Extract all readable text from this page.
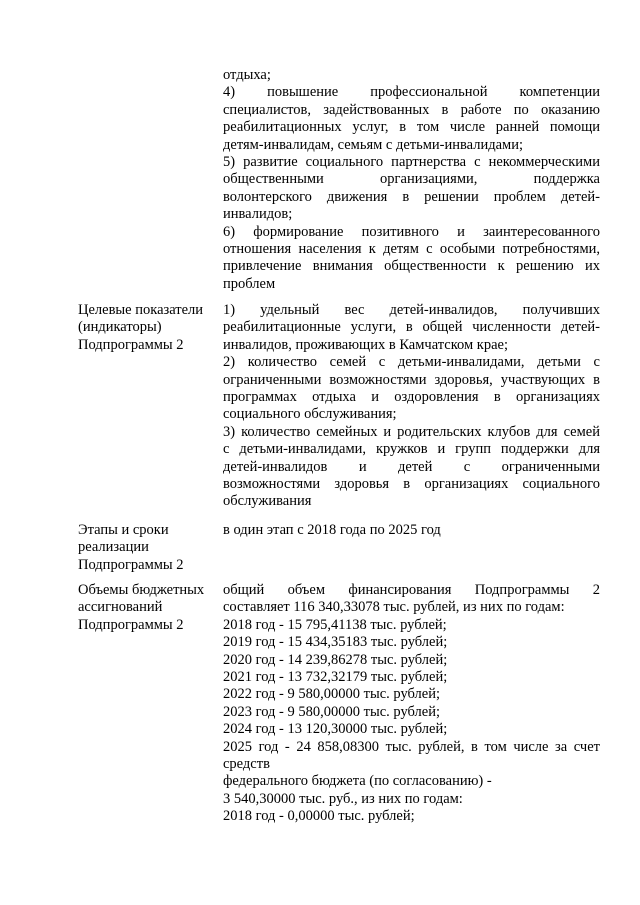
отдыха;
4) повышение профессиональной компетенции
специалистов, задействованных в работе по оказанию
реабилитационных услуг, в том числе ранней помощи
детям-инвалидам, семьям с детьми-инвалидами;
5) развитие социального партнерства с некоммерческими
общественными организациями, поддержка
волонтерского движения в решении проблем детей-
инвалидов;
6) формирование позитивного и заинтересованного
отношения населения к детям с особыми потребностями,
привлечение внимания общественности к решению их
проблем
Целевые показатели
(индикаторы)
Подпрограммы 2
1) удельный вес детей-инвалидов, получивших
реабилитационные услуги, в общей численности детей-
инвалидов, проживающих в Камчатском крае;
2) количество семей с детьми-инвалидами, детьми с
ограниченными возможностями здоровья, участвующих в
программах отдыха и оздоровления в организациях
социального обслуживания;
3) количество семейных и родительских клубов для семей
с детьми-инвалидами, кружков и групп поддержки для
детей-инвалидов и детей с ограниченными
возможностями здоровья в организациях социального
обслуживания
Этапы и сроки
реализации
Подпрограммы 2
в один этап с 2018 года по 2025 год
Объемы бюджетных
ассигнований
Подпрограммы 2
общий объем финансирования Подпрограммы 2
составляет 116 340,33078 тыс. рублей, из них по годам:
2018 год - 15 795,41138 тыс. рублей;
2019 год - 15 434,35183 тыс. рублей;
2020 год - 14 239,86278 тыс. рублей;
2021 год - 13 732,32179 тыс. рублей;
2022 год - 9 580,00000 тыс. рублей;
2023 год - 9 580,00000 тыс. рублей;
2024 год - 13 120,30000 тыс. рублей;
2025 год - 24 858,08300 тыс. рублей, в том числе за счет
средств
федерального бюджета (по согласованию) -
3 540,30000 тыс. руб., из них по годам:
2018 год - 0,00000 тыс. рублей;
